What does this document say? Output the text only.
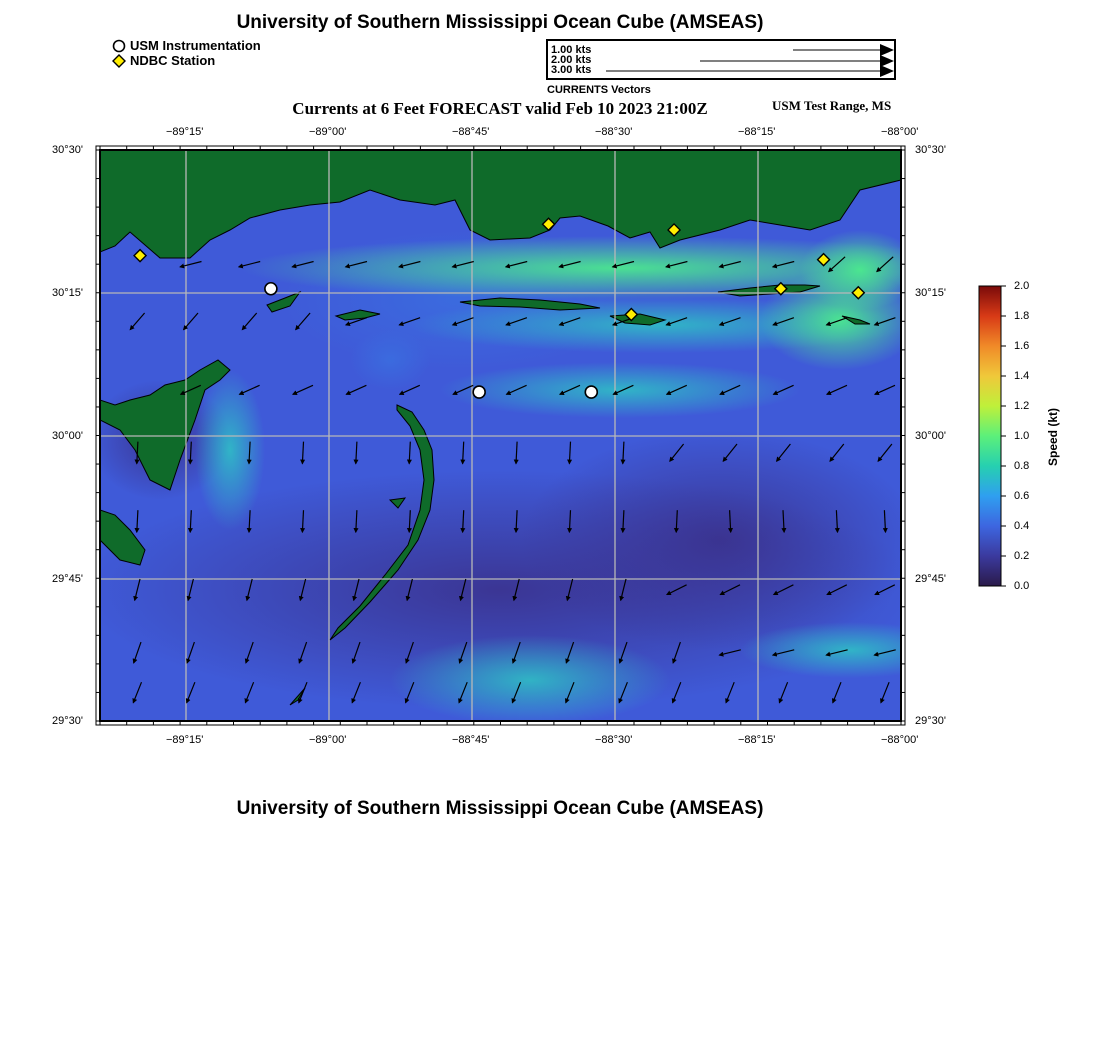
University of Southern Mississippi Ocean Cube (AMSEAS)
USM Instrumentation
NDBC Station
1.00 kts
2.00 kts
3.00 kts
CURRENTS Vectors
Currents at 6 Feet FORECAST valid Feb 10 2023 21:00Z	USM Test Range, MS
−89°15'	−89°00'	−88°45'	−88°30'	−88°15'	−88°00'
−89°15'	−89°00'	−88°45'	−88°30'	−88°15'	−88°00'
30°30'
30°15'
30°00'
29°45'
29°30'
30°30'
30°15'
30°00'
29°45'
29°30'
2.0
1.8
1.6
1.4
1.2
1.0
0.8
0.6
0.4
0.2
0.0
Speed (kt)
University of Southern Mississippi Ocean Cube (AMSEAS)
